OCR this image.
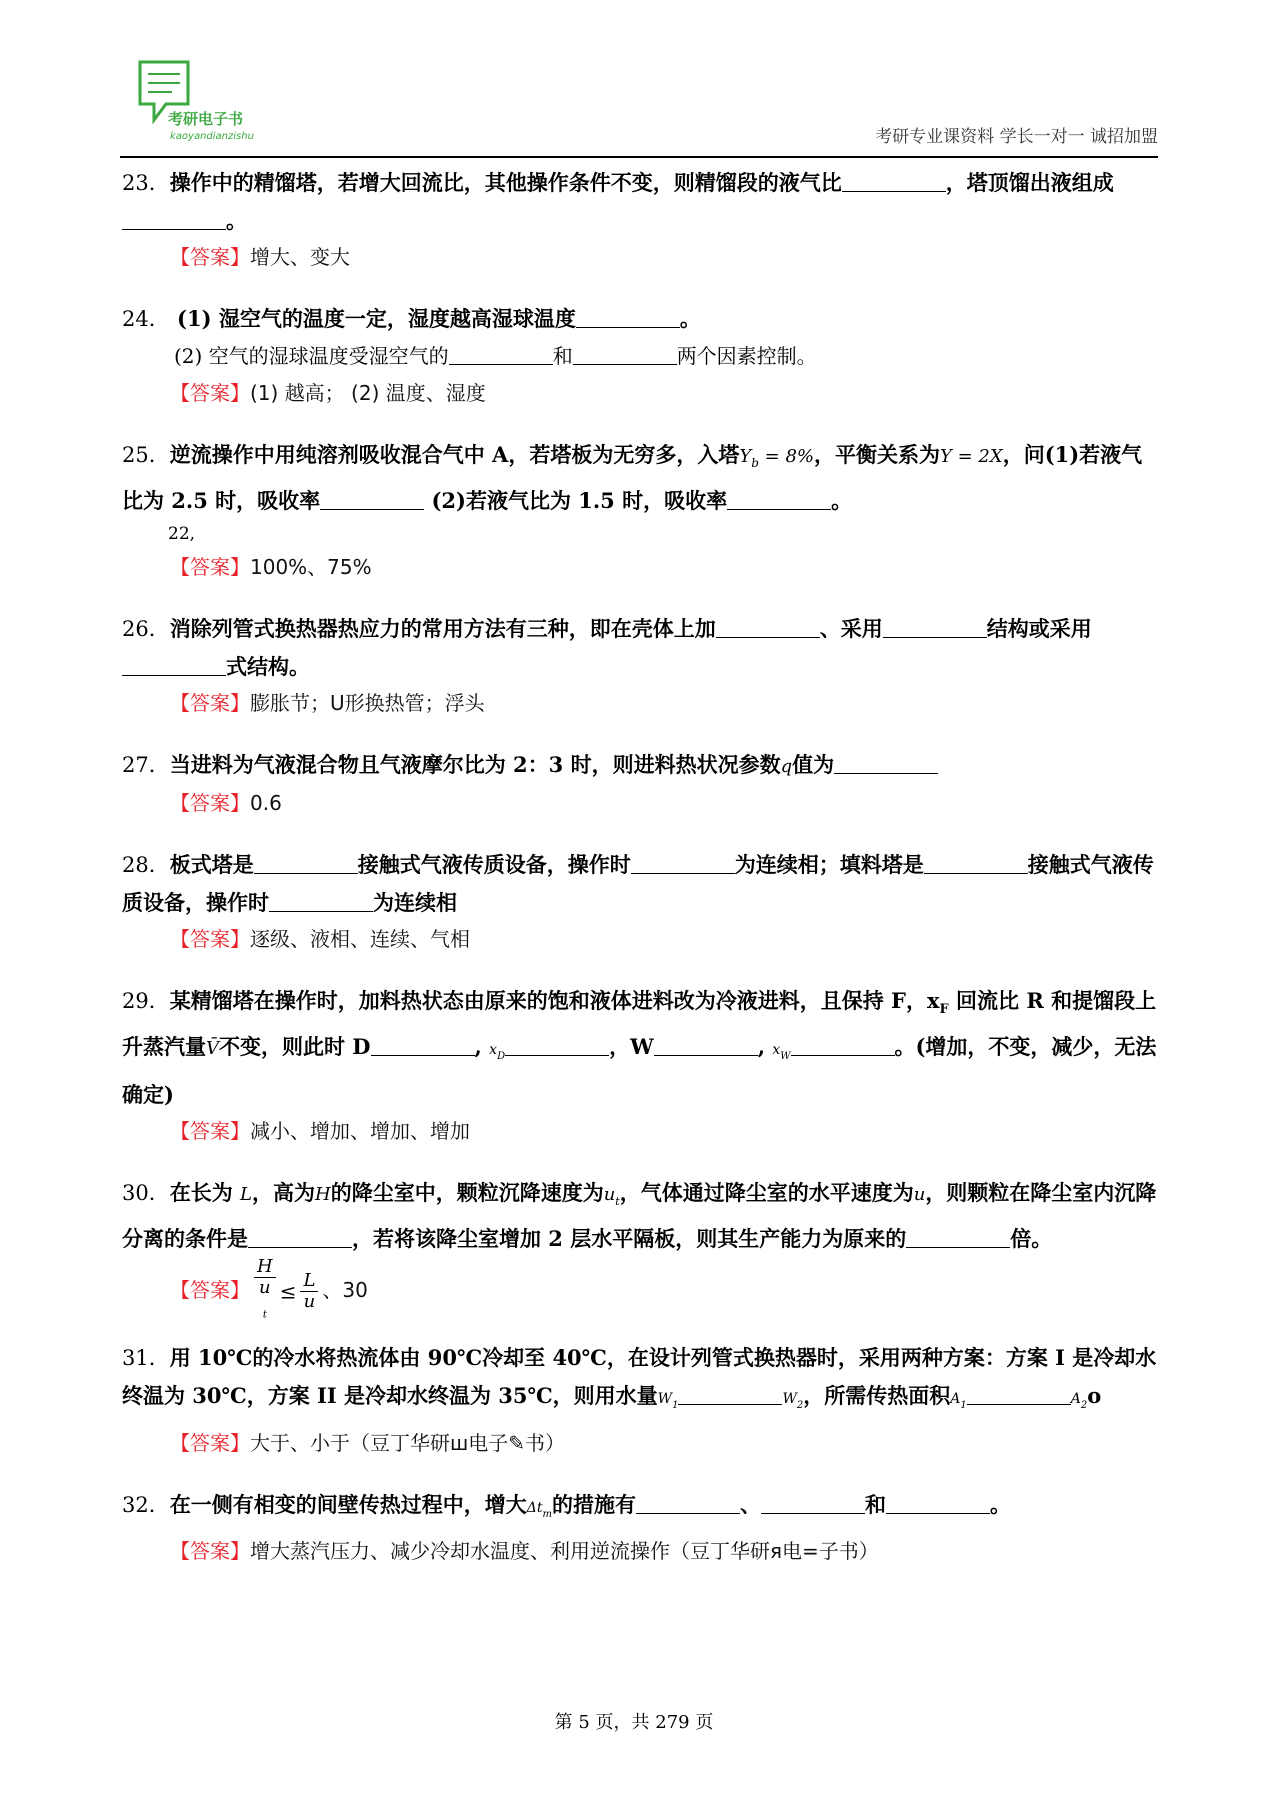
考研电子书
kaoyandianzishu	考研专业课资料 学长一对一 诚招加盟

23．操作中的精馏塔，若增大回流比，其他操作条件不变，则精馏段的液气比	，塔顶馏出液组成。

【答案】增大、变大

24． (1) 湿空气的温度一定，湿度越高湿球温度	。

(2) 空气的湿球温度受湿空气的	和	两个因素控制。

【答案】(1) 越高； (2) 温度、湿度

25．逆流操作中用纯溶剂吸收混合气中 A，若塔板为无穷多，入塔$Y_b = 8\%$，平衡关系为Y = 2X，问(1)若液气比为 2.5 时，吸收率	(2)若液气比为 1.5 时，吸收率	。

22,

【答案】100%、75%

26．消除列管式换热器热应力的常用方法有三种，即在壳体上加	、采用	结构或采用式结构。

【答案】膨胀节；U形换热管；浮头

27．当进料为气液混合物且气液摩尔比为 2：3 时，则进料热状况参数q值为

【答案】0.6

28．板式塔是	接触式气液传质设备，操作时	为连续相；填料塔是	接触式气液传质设备，操作时	为连续相

【答案】逐级、液相、连续、气相

29．某精馏塔在操作时，加料热状态由原来的饱和液体进料改为冷液进料，且保持 F，$x_F$ 回流比 R 和提馏段上升蒸汽量V̄不变，则此时 D	, $x_D$	，W	, $x_W$	。(增加，不变，减少，无法确定)

【答案】减小、增加、增加、增加

30．在长为 L，高为H的降尘室中，颗粒沉降速度为$u_t$，气体通过降尘室的水平速度为u，则颗粒在降尘室内沉降分离的条件是	，若将该降尘室增加 2 层水平隔板，则其生产能力为原来的	倍。

【答案】 H
u
$_t \le \frac{L}{u}$ 、30

31．用 10℃的冷水将热流体由 90℃冷却至 40℃，在设计列管式换热器时，采用两种方案：方案 I 是冷却水终温为 30℃，方案 II 是冷却水终温为 35℃，则用水量$W_1$	$W_2$，所需传热面积$A_1$	$A_2o$

【答案】大于、小于（豆丁华研ш电子✎书）

32．在一侧有相变的间壁传热过程中，增大$\Delta t_m$的措施有	、	和	。

【答案】增大蒸汽压力、减少冷却水温度、利用逆流操作（豆丁华研я电=子书）

第 5 页，共 279 页
